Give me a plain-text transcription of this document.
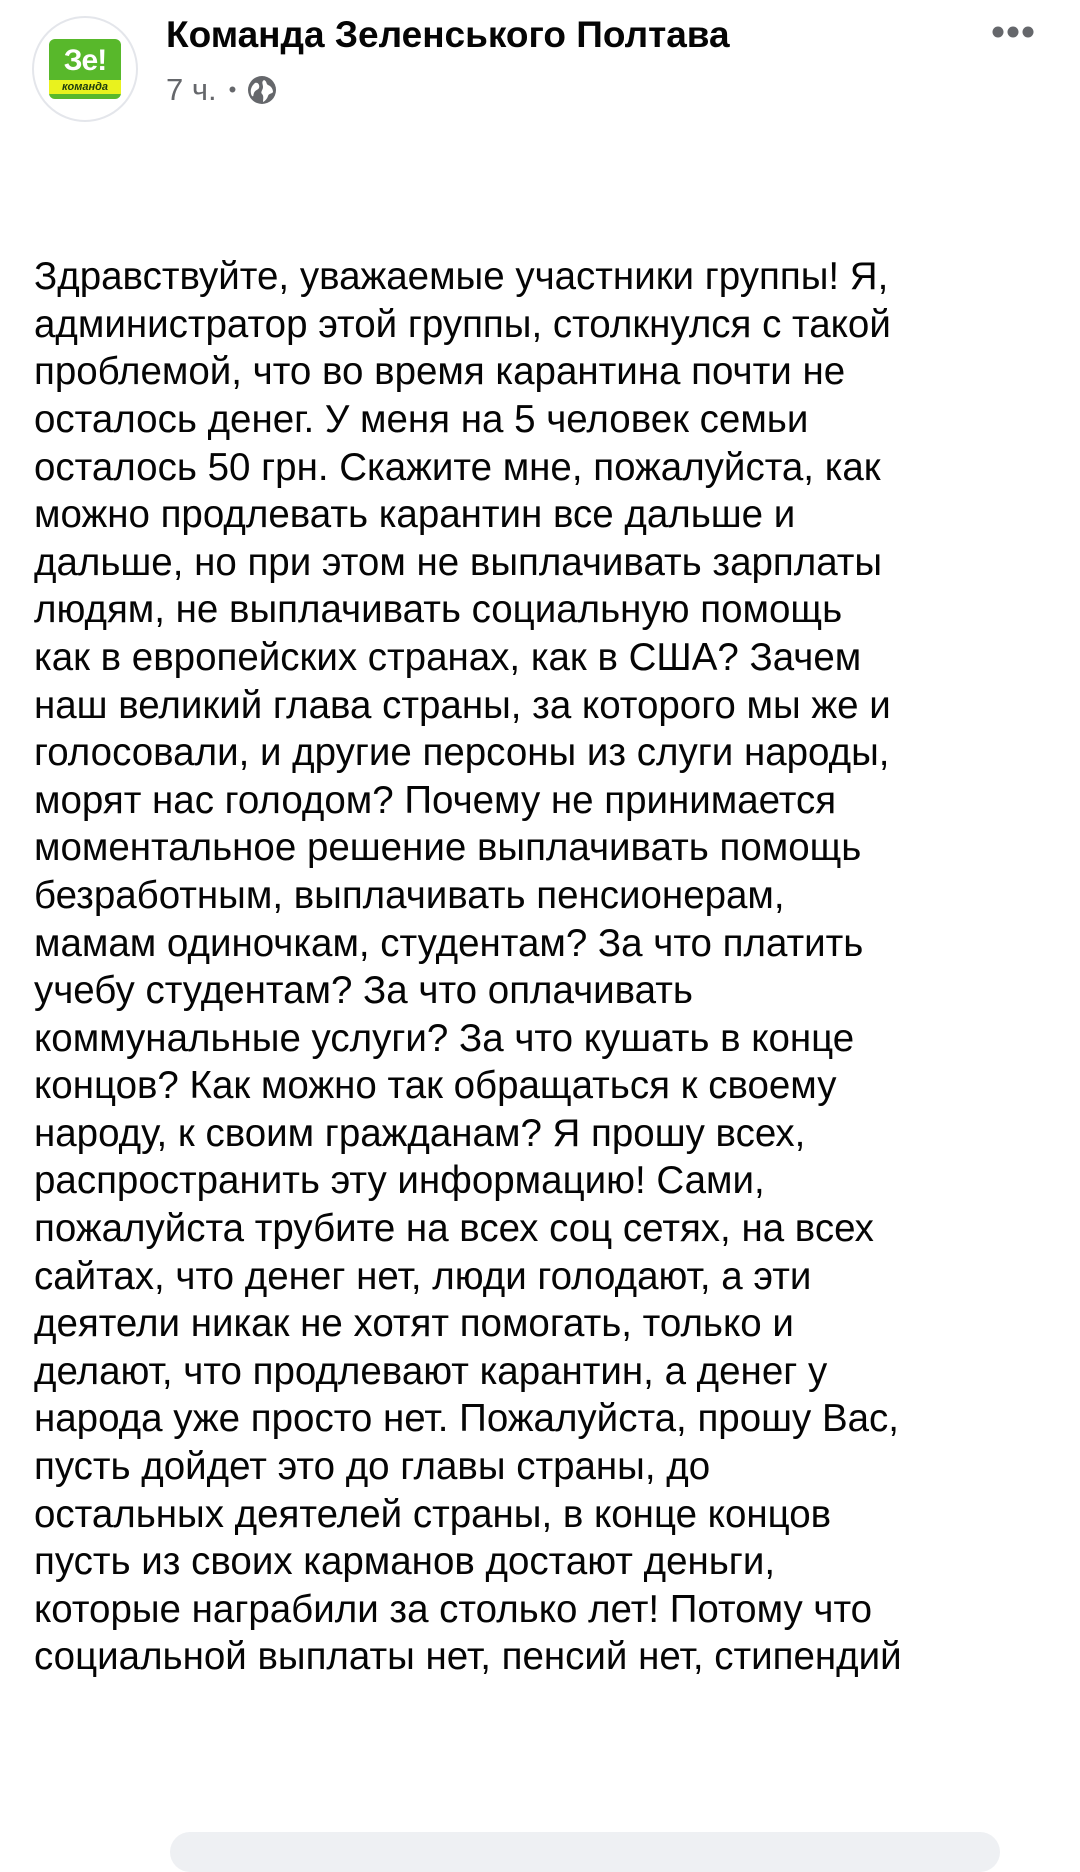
Зе!
команда
Команда Зеленського Полтава
7 ч. •

Здравствуйте, уважаемые участники группы! Я,
администратор этой группы, столкнулся с такой
проблемой, что во время карантина почти не
осталось денег. У меня на 5 человек семьи
осталось 50 грн. Скажите мне, пожалуйста, как
можно продлевать карантин все дальше и
дальше, но при этом не выплачивать зарплаты
людям, не выплачивать социальную помощь
как в европейских странах, как в США? Зачем
наш великий глава страны, за которого мы же и
голосовали, и другие персоны из слуги народы,
морят нас голодом? Почему не принимается
моментальное решение выплачивать помощь
безработным, выплачивать пенсионерам,
мамам одиночкам, студентам? За что платить
учебу студентам? За что оплачивать
коммунальные услуги? За что кушать в конце
концов? Как можно так обращаться к своему
народу, к своим гражданам? Я прошу всех,
распространить эту информацию! Сами,
пожалуйста трубите на всех соц сетях, на всех
сайтах, что денег нет, люди голодают, а эти
деятели никак не хотят помогать, только и
делают, что продлевают карантин, а денег у
народа уже просто нет. Пожалуйста, прошу Вас,
пусть дойдет это до главы страны, до
остальных деятелей страны, в конце концов
пусть из своих карманов достают деньги,
которые награбили за столько лет! Потому что
социальной выплаты нет, пенсий нет, стипендий
